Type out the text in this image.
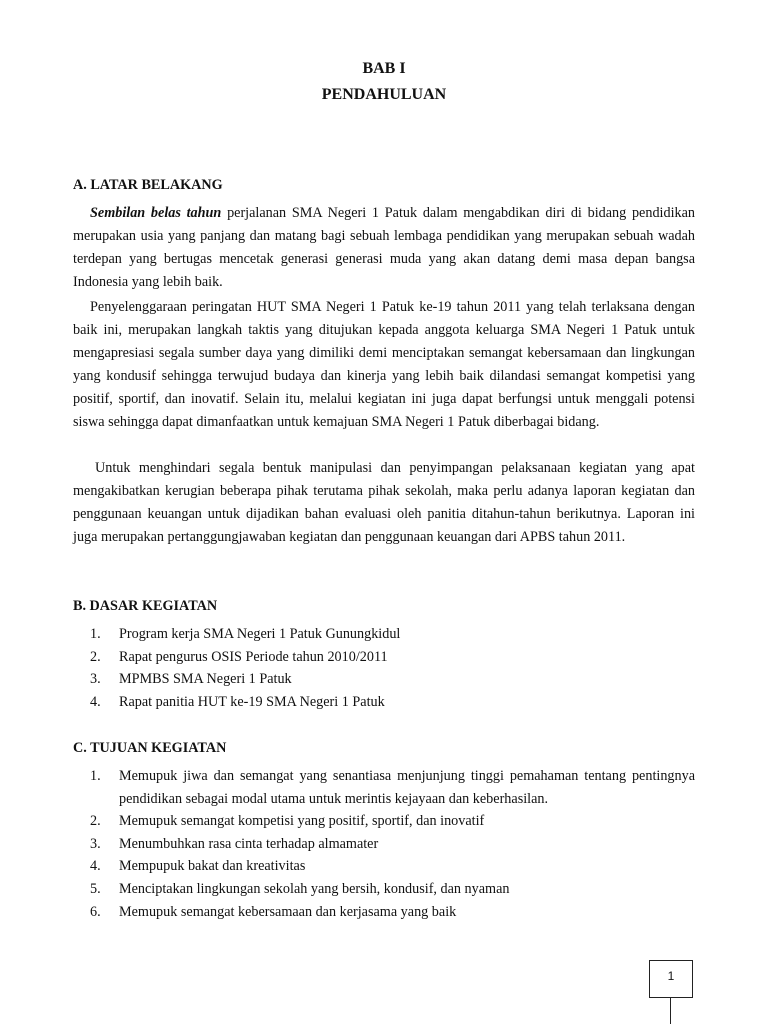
BAB I
PENDAHULUAN
A. LATAR BELAKANG

Sembilan belas tahun perjalanan SMA Negeri 1 Patuk dalam mengabdikan diri di bidang pendidikan merupakan usia yang panjang dan matang bagi sebuah lembaga pendidikan yang merupakan sebuah wadah terdepan yang bertugas mencetak generasi generasi muda yang akan datang demi masa depan bangsa Indonesia yang lebih baik.

Penyelenggaraan peringatan HUT SMA Negeri 1 Patuk ke-19 tahun 2011 yang telah terlaksana dengan baik ini, merupakan langkah taktis yang ditujukan kepada anggota keluarga SMA Negeri 1 Patuk untuk mengapresiasi segala sumber daya yang dimiliki demi menciptakan semangat kebersamaan dan lingkungan yang kondusif sehingga terwujud budaya dan kinerja yang lebih baik dilandasi semangat kompetisi yang positif, sportif, dan inovatif. Selain itu, melalui kegiatan ini juga dapat berfungsi untuk menggali potensi siswa sehingga dapat dimanfaatkan untuk kemajuan SMA Negeri 1 Patuk diberbagai bidang.

Untuk menghindari segala bentuk manipulasi dan penyimpangan pelaksanaan kegiatan yang apat mengakibatkan kerugian beberapa pihak terutama pihak sekolah, maka perlu adanya laporan kegiatan dan penggunaan keuangan untuk dijadikan bahan evaluasi oleh panitia ditahun-tahun berikutnya. Laporan ini juga merupakan pertanggungjawaban kegiatan dan penggunaan keuangan dari APBS tahun 2011.

B. DASAR KEGIATAN
1. Program kerja SMA Negeri 1 Patuk Gunungkidul
2. Rapat pengurus OSIS Periode tahun 2010/2011
3. MPMBS SMA Negeri 1 Patuk
4. Rapat panitia HUT ke-19 SMA Negeri 1 Patuk
C. TUJUAN KEGIATAN
1. Memupuk jiwa dan semangat yang senantiasa menjunjung tinggi pemahaman tentang pentingnya pendidikan sebagai modal utama untuk merintis kejayaan dan keberhasilan.
2. Memupuk semangat kompetisi yang positif, sportif, dan inovatif
3. Menumbuhkan rasa cinta terhadap almamater
4. Mempupuk bakat dan kreativitas
5. Menciptakan lingkungan sekolah yang bersih, kondusif, dan nyaman
6. Memupuk semangat kebersamaan dan kerjasama yang baik
1
